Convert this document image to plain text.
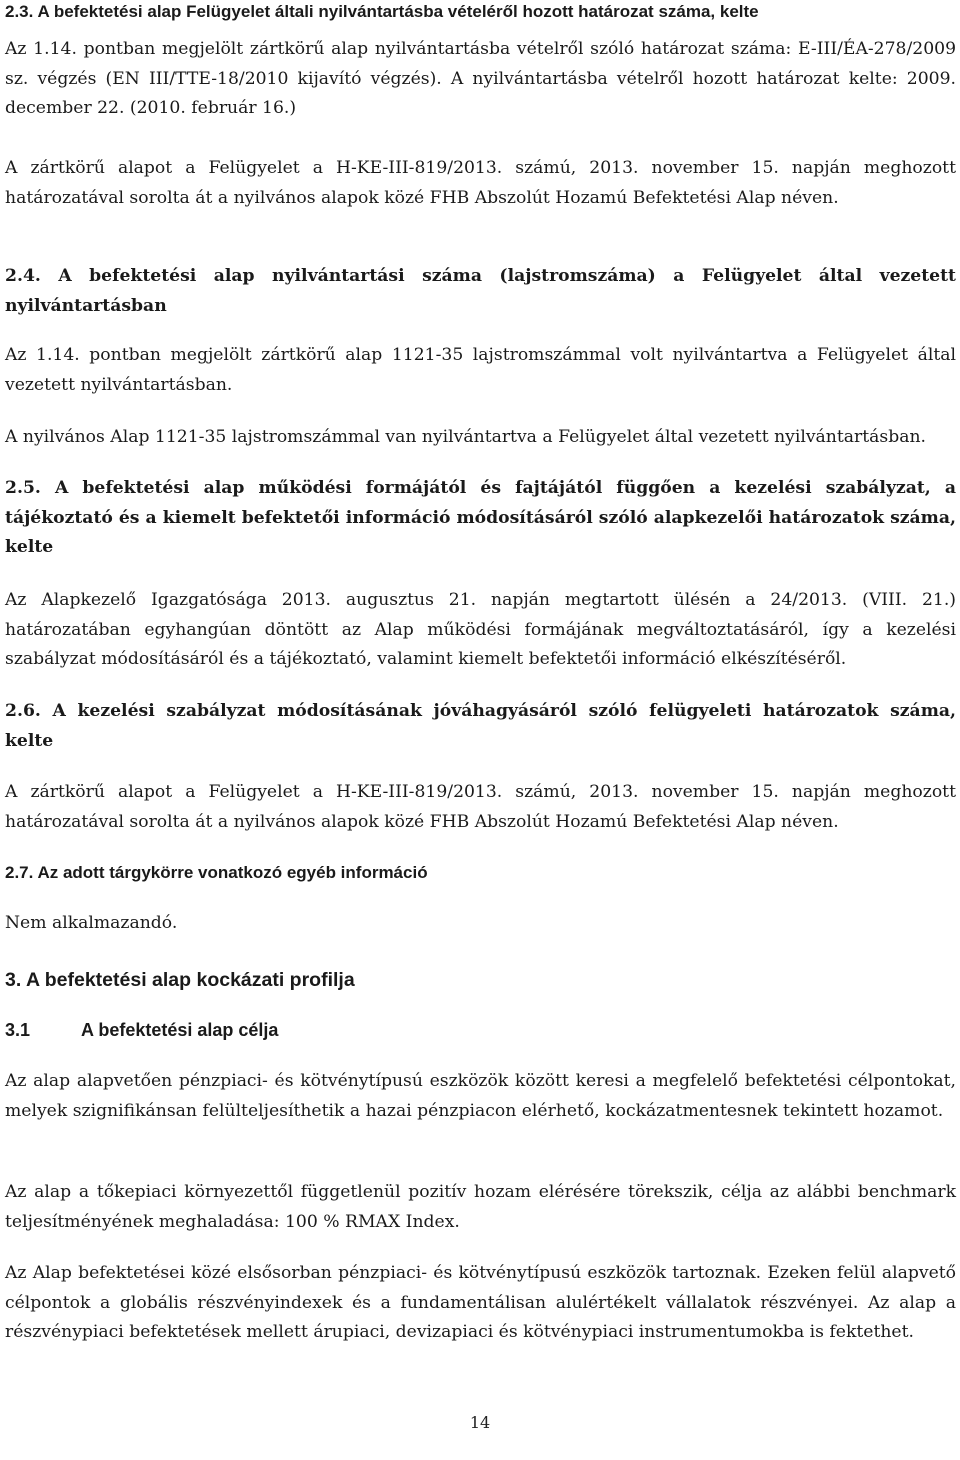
2.3. A befektetési alap Felügyelet általi nyilvántartásba vételéről hozott határozat száma, kelte
Az 1.14. pontban megjelölt zártkörű alap nyilvántartásba vételről szóló határozat száma: E-III/ÉA-278/2009 sz. végzés (EN III/TTE-18/2010 kijavító végzés). A nyilvántartásba vételről hozott határozat kelte: 2009. december 22. (2010. február 16.)
A zártkörű alapot a Felügyelet a H-KE-III-819/2013. számú, 2013. november 15. napján meghozott határozatával sorolta át a nyilvános alapok közé FHB Abszolút Hozamú Befektetési Alap néven.
2.4. A befektetési alap nyilvántartási száma (lajstromszáma) a Felügyelet által vezetett nyilvántartásban
Az 1.14. pontban megjelölt zártkörű alap 1121-35 lajstromszámmal volt nyilvántartva a Felügyelet által vezetett nyilvántartásban.
A nyilvános Alap 1121-35 lajstromszámmal van nyilvántartva a Felügyelet által vezetett nyilvántartásban.
2.5. A befektetési alap működési formájától és fajtájától függően a kezelési szabályzat, a tájékoztató és a kiemelt befektetői információ módosításáról szóló alapkezelői határozatok száma, kelte
Az Alapkezelő Igazgatósága 2013. augusztus 21. napján megtartott ülésén a 24/2013. (VIII. 21.) határozatában egyhangúan döntött az Alap működési formájának megváltoztatásáról, így a kezelési szabályzat módosításáról és a tájékoztató, valamint kiemelt befektetői információ elkészítéséről.
2.6. A kezelési szabályzat módosításának jóváhagyásáról szóló felügyeleti határozatok száma, kelte
A zártkörű alapot a Felügyelet a H-KE-III-819/2013. számú, 2013. november 15. napján meghozott határozatával sorolta át a nyilvános alapok közé FHB Abszolút Hozamú Befektetési Alap néven.
2.7. Az adott tárgykörre vonatkozó egyéb információ
Nem alkalmazandó.
3. A befektetési alap kockázati profilja
3.1	A befektetési alap célja
Az alap alapvetően pénzpiaci- és kötvénytípusú eszközök között keresi a megfelelő befektetési célpontokat, melyek szignifikánsan felülteljesíthetik a hazai pénzpiacon elérhető, kockázatmentesnek tekintett hozamot.
Az alap a tőkepiaci környezettől függetlenül pozitív hozam elérésére törekszik, célja az alábbi benchmark teljesítményének meghaladása: 100 % RMAX Index.
Az Alap befektetései közé elsősorban pénzpiaci- és kötvénytípusú eszközök tartoznak. Ezeken felül alapvető célpontok a globális részvényindexek és a fundamentálisan alulértékelt vállalatok részvényei. Az alap a részvénypiaci befektetések mellett árupiaci, devizapiaci és kötvénypiaci instrumentumokba is fektethet.
14
